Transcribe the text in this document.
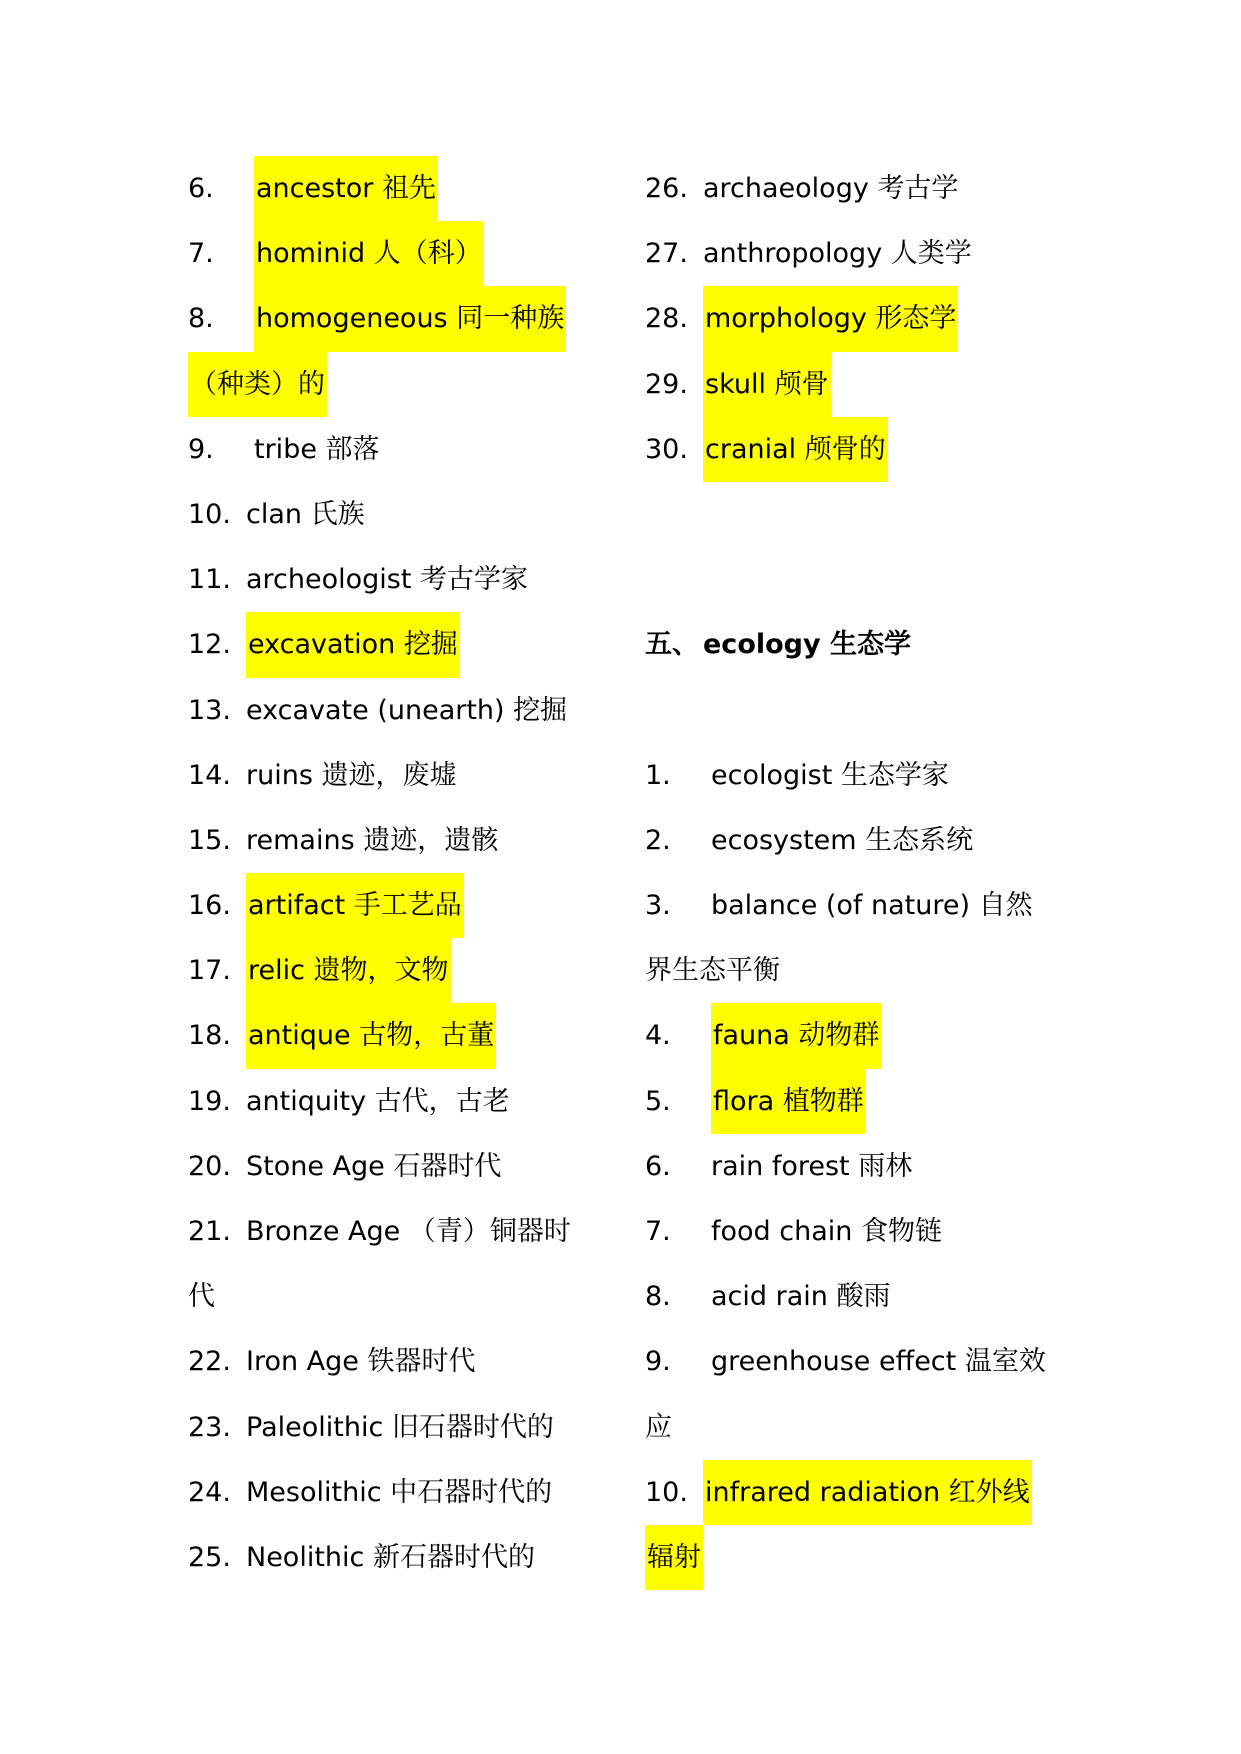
6. ancestor 祖先
7. hominid 人（科）
8. homogeneous 同一种族
（种类）的
9. tribe 部落
10. clan 氏族
11. archeologist 考古学家
12. excavation 挖掘
13. excavate (unearth) 挖掘
14. ruins 遗迹，废墟
15. remains 遗迹，遗骸
16. artifact 手工艺品
17. relic 遗物，文物
18. antique 古物，古董
19. antiquity 古代，古老
20. Stone Age 石器时代
21. Bronze Age （青）铜器时
代
22. Iron Age 铁器时代
23. Paleolithic 旧石器时代的
24. Mesolithic 中石器时代的
25. Neolithic 新石器时代的
26. archaeology 考古学
27. anthropology 人类学
28. morphology 形态学
29. skull 颅骨
30. cranial 颅骨的
五、 ecology 生态学
1. ecologist 生态学家
2. ecosystem 生态系统
3. balance (of nature) 自然
界生态平衡
4. fauna 动物群
5. flora 植物群
6. rain forest 雨林
7. food chain 食物链
8. acid rain 酸雨
9. greenhouse effect 温室效
应
10. infrared radiation 红外线
辐射
